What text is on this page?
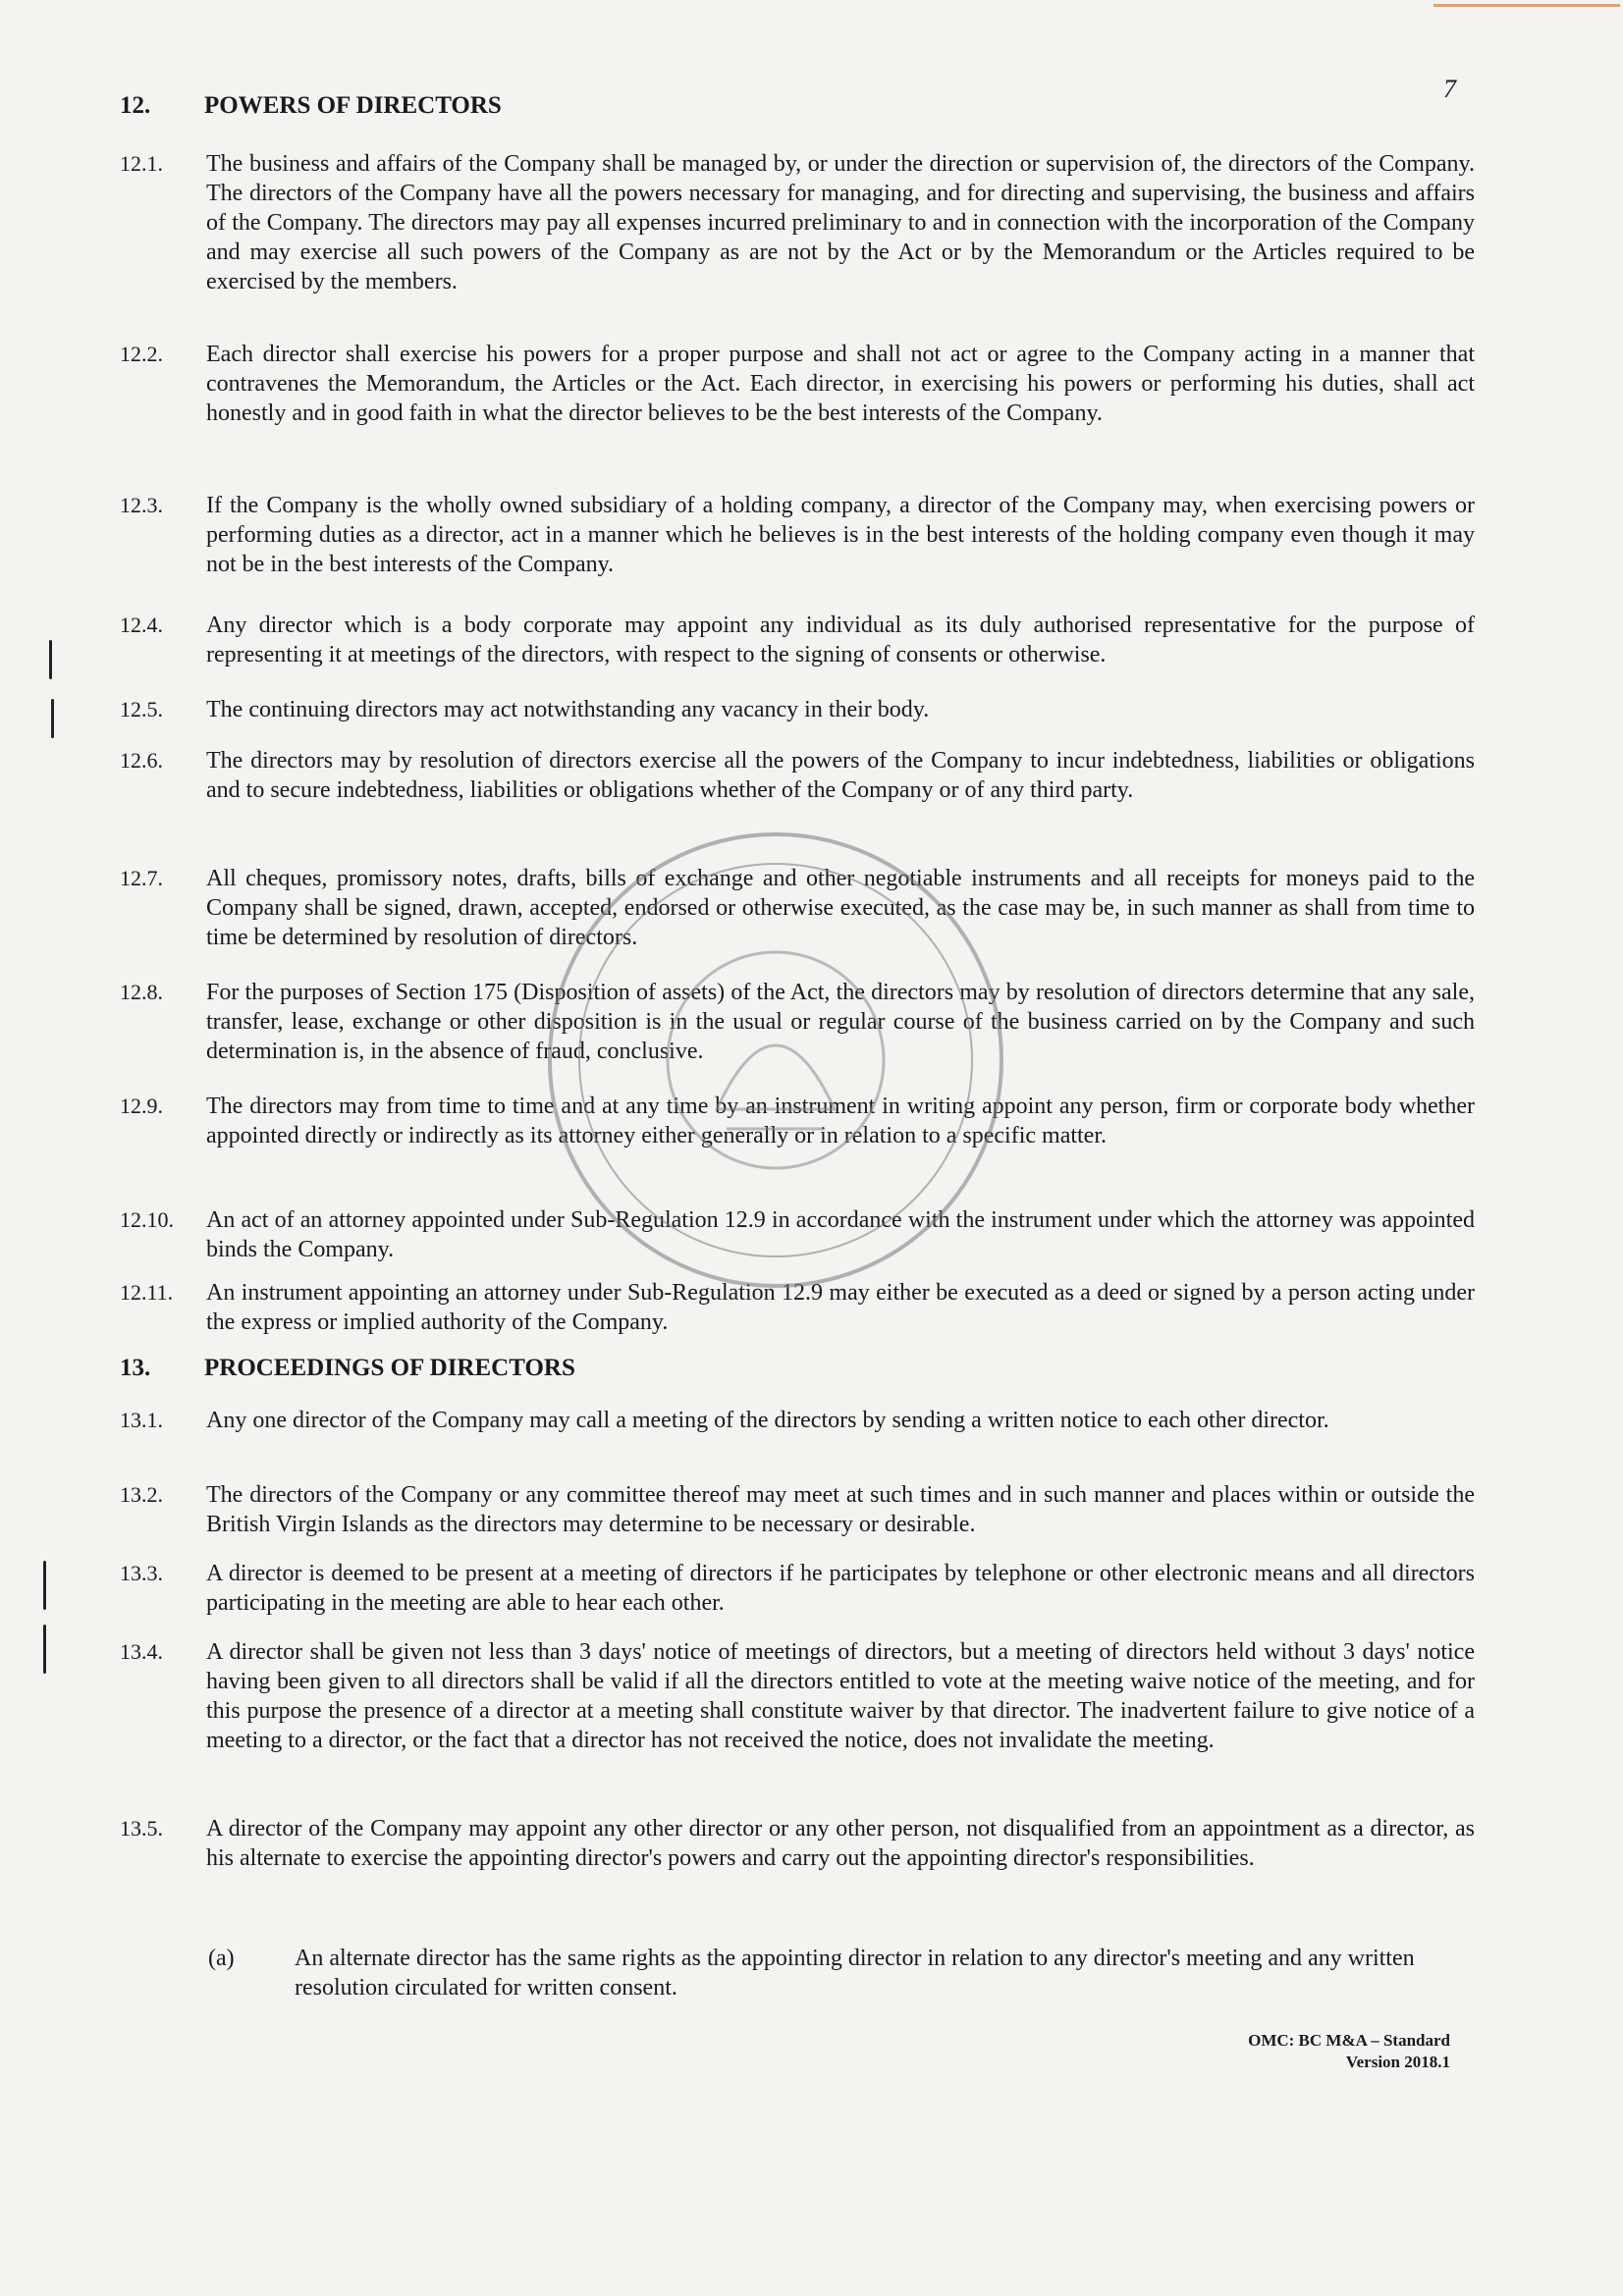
7
12. POWERS OF DIRECTORS
12.1.	The business and affairs of the Company shall be managed by, or under the direction or supervision of, the directors of the Company. The directors of the Company have all the powers necessary for managing, and for directing and supervising, the business and affairs of the Company. The directors may pay all expenses incurred preliminary to and in connection with the incorporation of the Company and may exercise all such powers of the Company as are not by the Act or by the Memorandum or the Articles required to be exercised by the members.
12.2.	Each director shall exercise his powers for a proper purpose and shall not act or agree to the Company acting in a manner that contravenes the Memorandum, the Articles or the Act. Each director, in exercising his powers or performing his duties, shall act honestly and in good faith in what the director believes to be the best interests of the Company.
12.3.	If the Company is the wholly owned subsidiary of a holding company, a director of the Company may, when exercising powers or performing duties as a director, act in a manner which he believes is in the best interests of the holding company even though it may not be in the best interests of the Company.
12.4.	Any director which is a body corporate may appoint any individual as its duly authorised representative for the purpose of representing it at meetings of the directors, with respect to the signing of consents or otherwise.
12.5.	The continuing directors may act notwithstanding any vacancy in their body.
12.6.	The directors may by resolution of directors exercise all the powers of the Company to incur indebtedness, liabilities or obligations and to secure indebtedness, liabilities or obligations whether of the Company or of any third party.
12.7.	All cheques, promissory notes, drafts, bills of exchange and other negotiable instruments and all receipts for moneys paid to the Company shall be signed, drawn, accepted, endorsed or otherwise executed, as the case may be, in such manner as shall from time to time be determined by resolution of directors.
12.8.	For the purposes of Section 175 (Disposition of assets) of the Act, the directors may by resolution of directors determine that any sale, transfer, lease, exchange or other disposition is in the usual or regular course of the business carried on by the Company and such determination is, in the absence of fraud, conclusive.
12.9.	The directors may from time to time and at any time by an instrument in writing appoint any person, firm or corporate body whether appointed directly or indirectly as its attorney either generally or in relation to a specific matter.
12.10.	An act of an attorney appointed under Sub-Regulation 12.9 in accordance with the instrument under which the attorney was appointed binds the Company.
12.11.	An instrument appointing an attorney under Sub-Regulation 12.9 may either be executed as a deed or signed by a person acting under the express or implied authority of the Company.
13. PROCEEDINGS OF DIRECTORS
13.1.	Any one director of the Company may call a meeting of the directors by sending a written notice to each other director.
13.2.	The directors of the Company or any committee thereof may meet at such times and in such manner and places within or outside the British Virgin Islands as the directors may determine to be necessary or desirable.
13.3.	A director is deemed to be present at a meeting of directors if he participates by telephone or other electronic means and all directors participating in the meeting are able to hear each other.
13.4.	A director shall be given not less than 3 days' notice of meetings of directors, but a meeting of directors held without 3 days' notice having been given to all directors shall be valid if all the directors entitled to vote at the meeting waive notice of the meeting, and for this purpose the presence of a director at a meeting shall constitute waiver by that director. The inadvertent failure to give notice of a meeting to a director, or the fact that a director has not received the notice, does not invalidate the meeting.
13.5.	A director of the Company may appoint any other director or any other person, not disqualified from an appointment as a director, as his alternate to exercise the appointing director's powers and carry out the appointing director's responsibilities.
(a)	An alternate director has the same rights as the appointing director in relation to any director's meeting and any written resolution circulated for written consent.
OMC: BC M&A – Standard
Version 2018.1
